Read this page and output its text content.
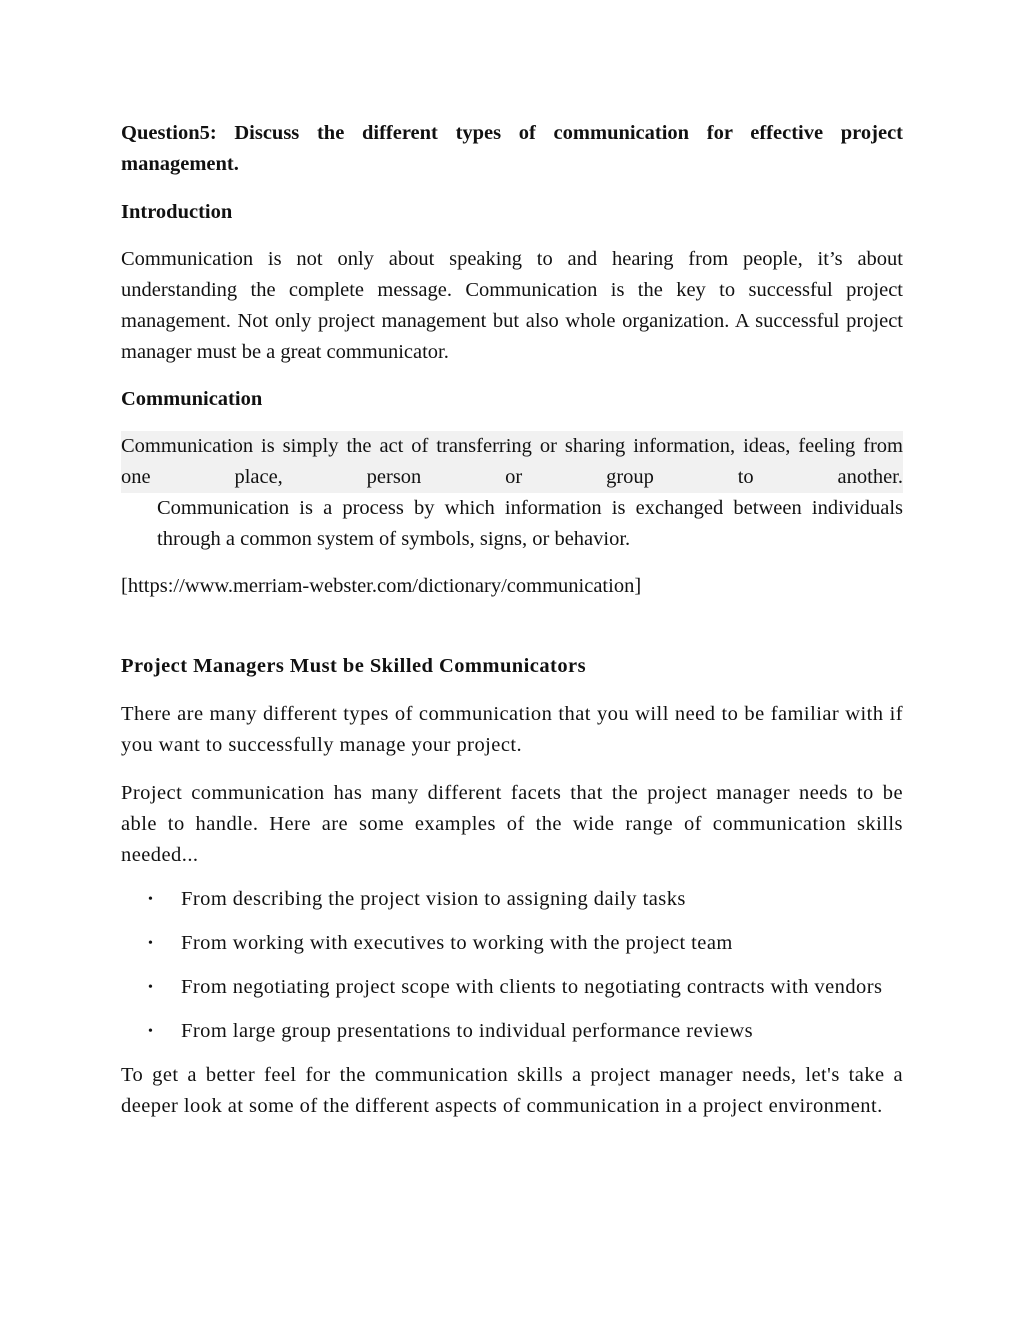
Question5: Discuss the different types of communication for effective project management.

Introduction

Communication is not only about speaking to and hearing from people, it’s about understanding the complete message. Communication is the key to successful project management. Not only project management but also whole organization. A successful project manager must be a great communicator.

Communication

Communication is simply the act of transferring or sharing information, ideas, feeling from one place, person or group to another.

Communication is a process by which information is exchanged between individuals through a common system of symbols, signs, or behavior.

[https://www.merriam-webster.com/dictionary/communication]

Project Managers Must be Skilled Communicators

There are many different types of communication that you will need to be familiar with if you want to successfully manage your project.

Project communication has many different facets that the project manager needs to be able to handle. Here are some examples of the wide range of communication skills needed...

• From describing the project vision to assigning daily tasks
• From working with executives to working with the project team
• From negotiating project scope with clients to negotiating contracts with vendors
• From large group presentations to individual performance reviews

To get a better feel for the communication skills a project manager needs, let's take a deeper look at some of the different aspects of communication in a project environment.
